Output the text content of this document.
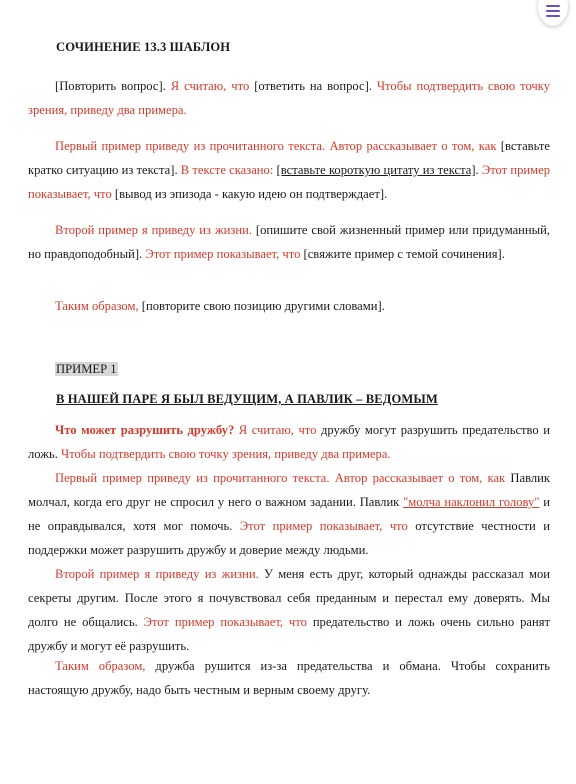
СОЧИНЕНИЕ 13.3 ШАБЛОН

[Повторить вопрос]. Я считаю, что [ответить на вопрос]. Чтобы подтвердить свою точку зрения, приведу два примера.

Первый пример приведу из прочитанного текста. Автор рассказывает о том, как [вставьте кратко ситуацию из текста]. В тексте сказано: [вставьте короткую цитату из текста]. Этот пример показывает, что [вывод из эпизода - какую идею он подтверждает].

Второй пример я приведу из жизни. [опишите свой жизненный пример или придуманный, но правдоподобный]. Этот пример показывает, что [свяжите пример с темой сочинения].

Таким образом, [повторите свою позицию другими словами].

ПРИМЕР 1
В НАШЕЙ ПАРЕ Я БЫЛ ВЕДУЩИМ, А ПАВЛИК – ВЕДОМЫМ

Что может разрушить дружбу? Я считаю, что дружбу могут разрушить предательство и ложь. Чтобы подтвердить свою точку зрения, приведу два примера.

Первый пример приведу из прочитанного текста. Автор рассказывает о том, как Павлик молчал, когда его друг не спросил у него о важном задании. Павлик "молча наклонил голову" и не оправдывался, хотя мог помочь. Этот пример показывает, что отсутствие честности и поддержки может разрушить дружбу и доверие между людьми.

Второй пример я приведу из жизни. У меня есть друг, который однажды рассказал мои секреты другим. После этого я почувствовал себя преданным и перестал ему доверять. Мы долго не общались. Этот пример показывает, что предательство и ложь очень сильно ранят дружбу и могут её разрушить.

Таким образом, дружба рушится из-за предательства и обмана. Чтобы сохранить настоящую дружбу, надо быть честным и верным своему другу.
